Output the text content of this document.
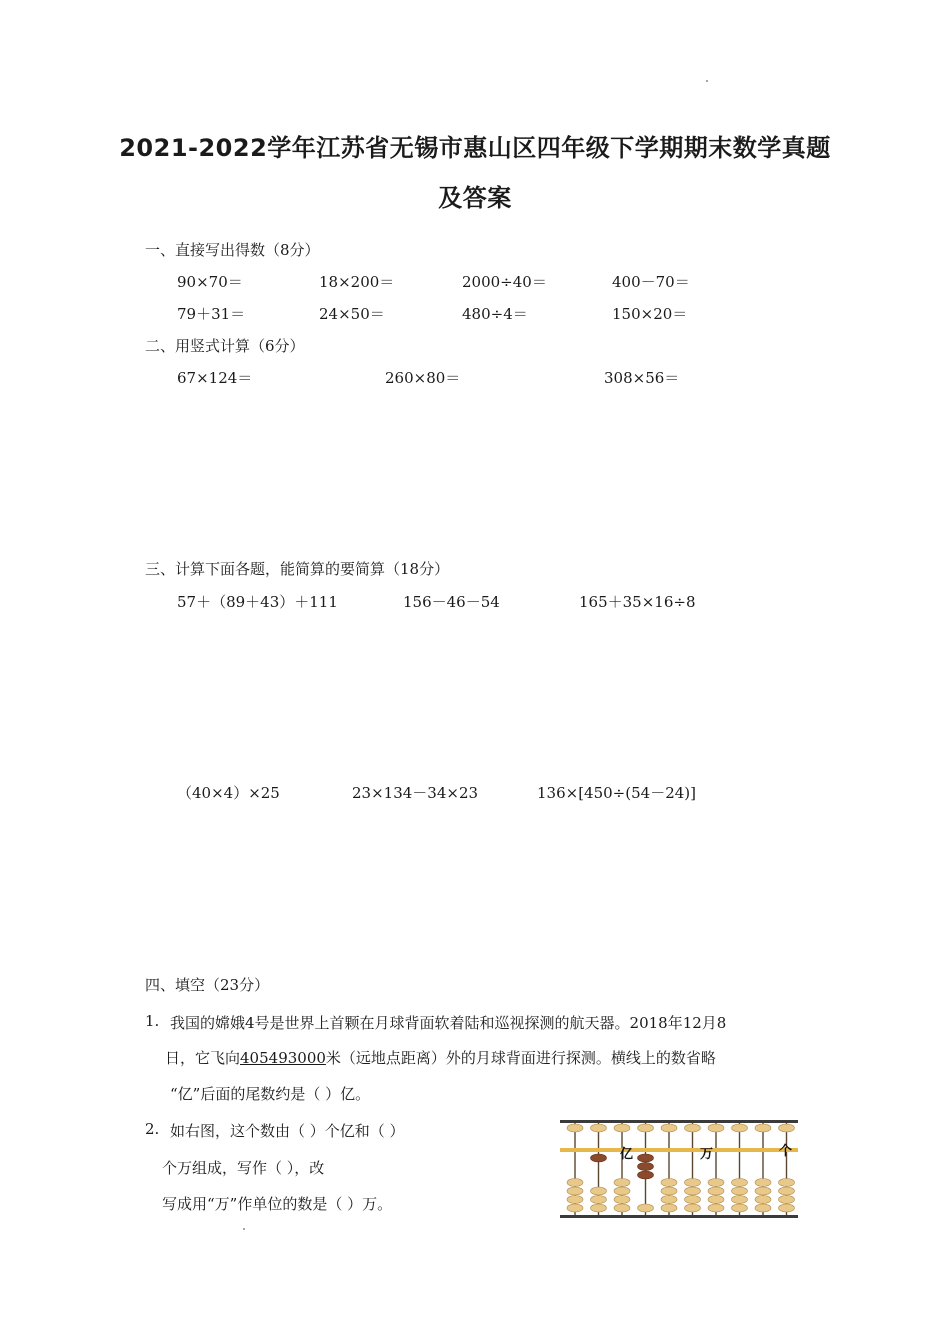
2021-2022学年江苏省无锡市惠山区四年级下学期期末数学真题
及答案
一、直接写出得数（8分）
90×70＝	18×200＝	2000÷40＝	400－70＝
79＋31＝	24×50＝	480÷4＝	150×20＝
二、用竖式计算（6分）
67×124＝	260×80＝	308×56＝
三、计算下面各题，能简算的要简算（18分）
57＋（89＋43）＋111	156－46－54	165＋35×16÷8
（40×4）×25	23×134－34×23	136×[450÷(54－24)]
四、填空（23分）
1. 我国的嫦娥4号是世界上首颗在月球背面软着陆和巡视探测的航天器。2018年12月8
日，它飞向405493000米（远地点距离）外的月球背面进行探测。横线上的数省略
“亿”后面的尾数约是（ ）亿。
2. 如右图，这个数由（ ）个亿和（ ）
个万组成，写作（ ），改
写成用“万”作单位的数是（ ）万。
亿	万	个
